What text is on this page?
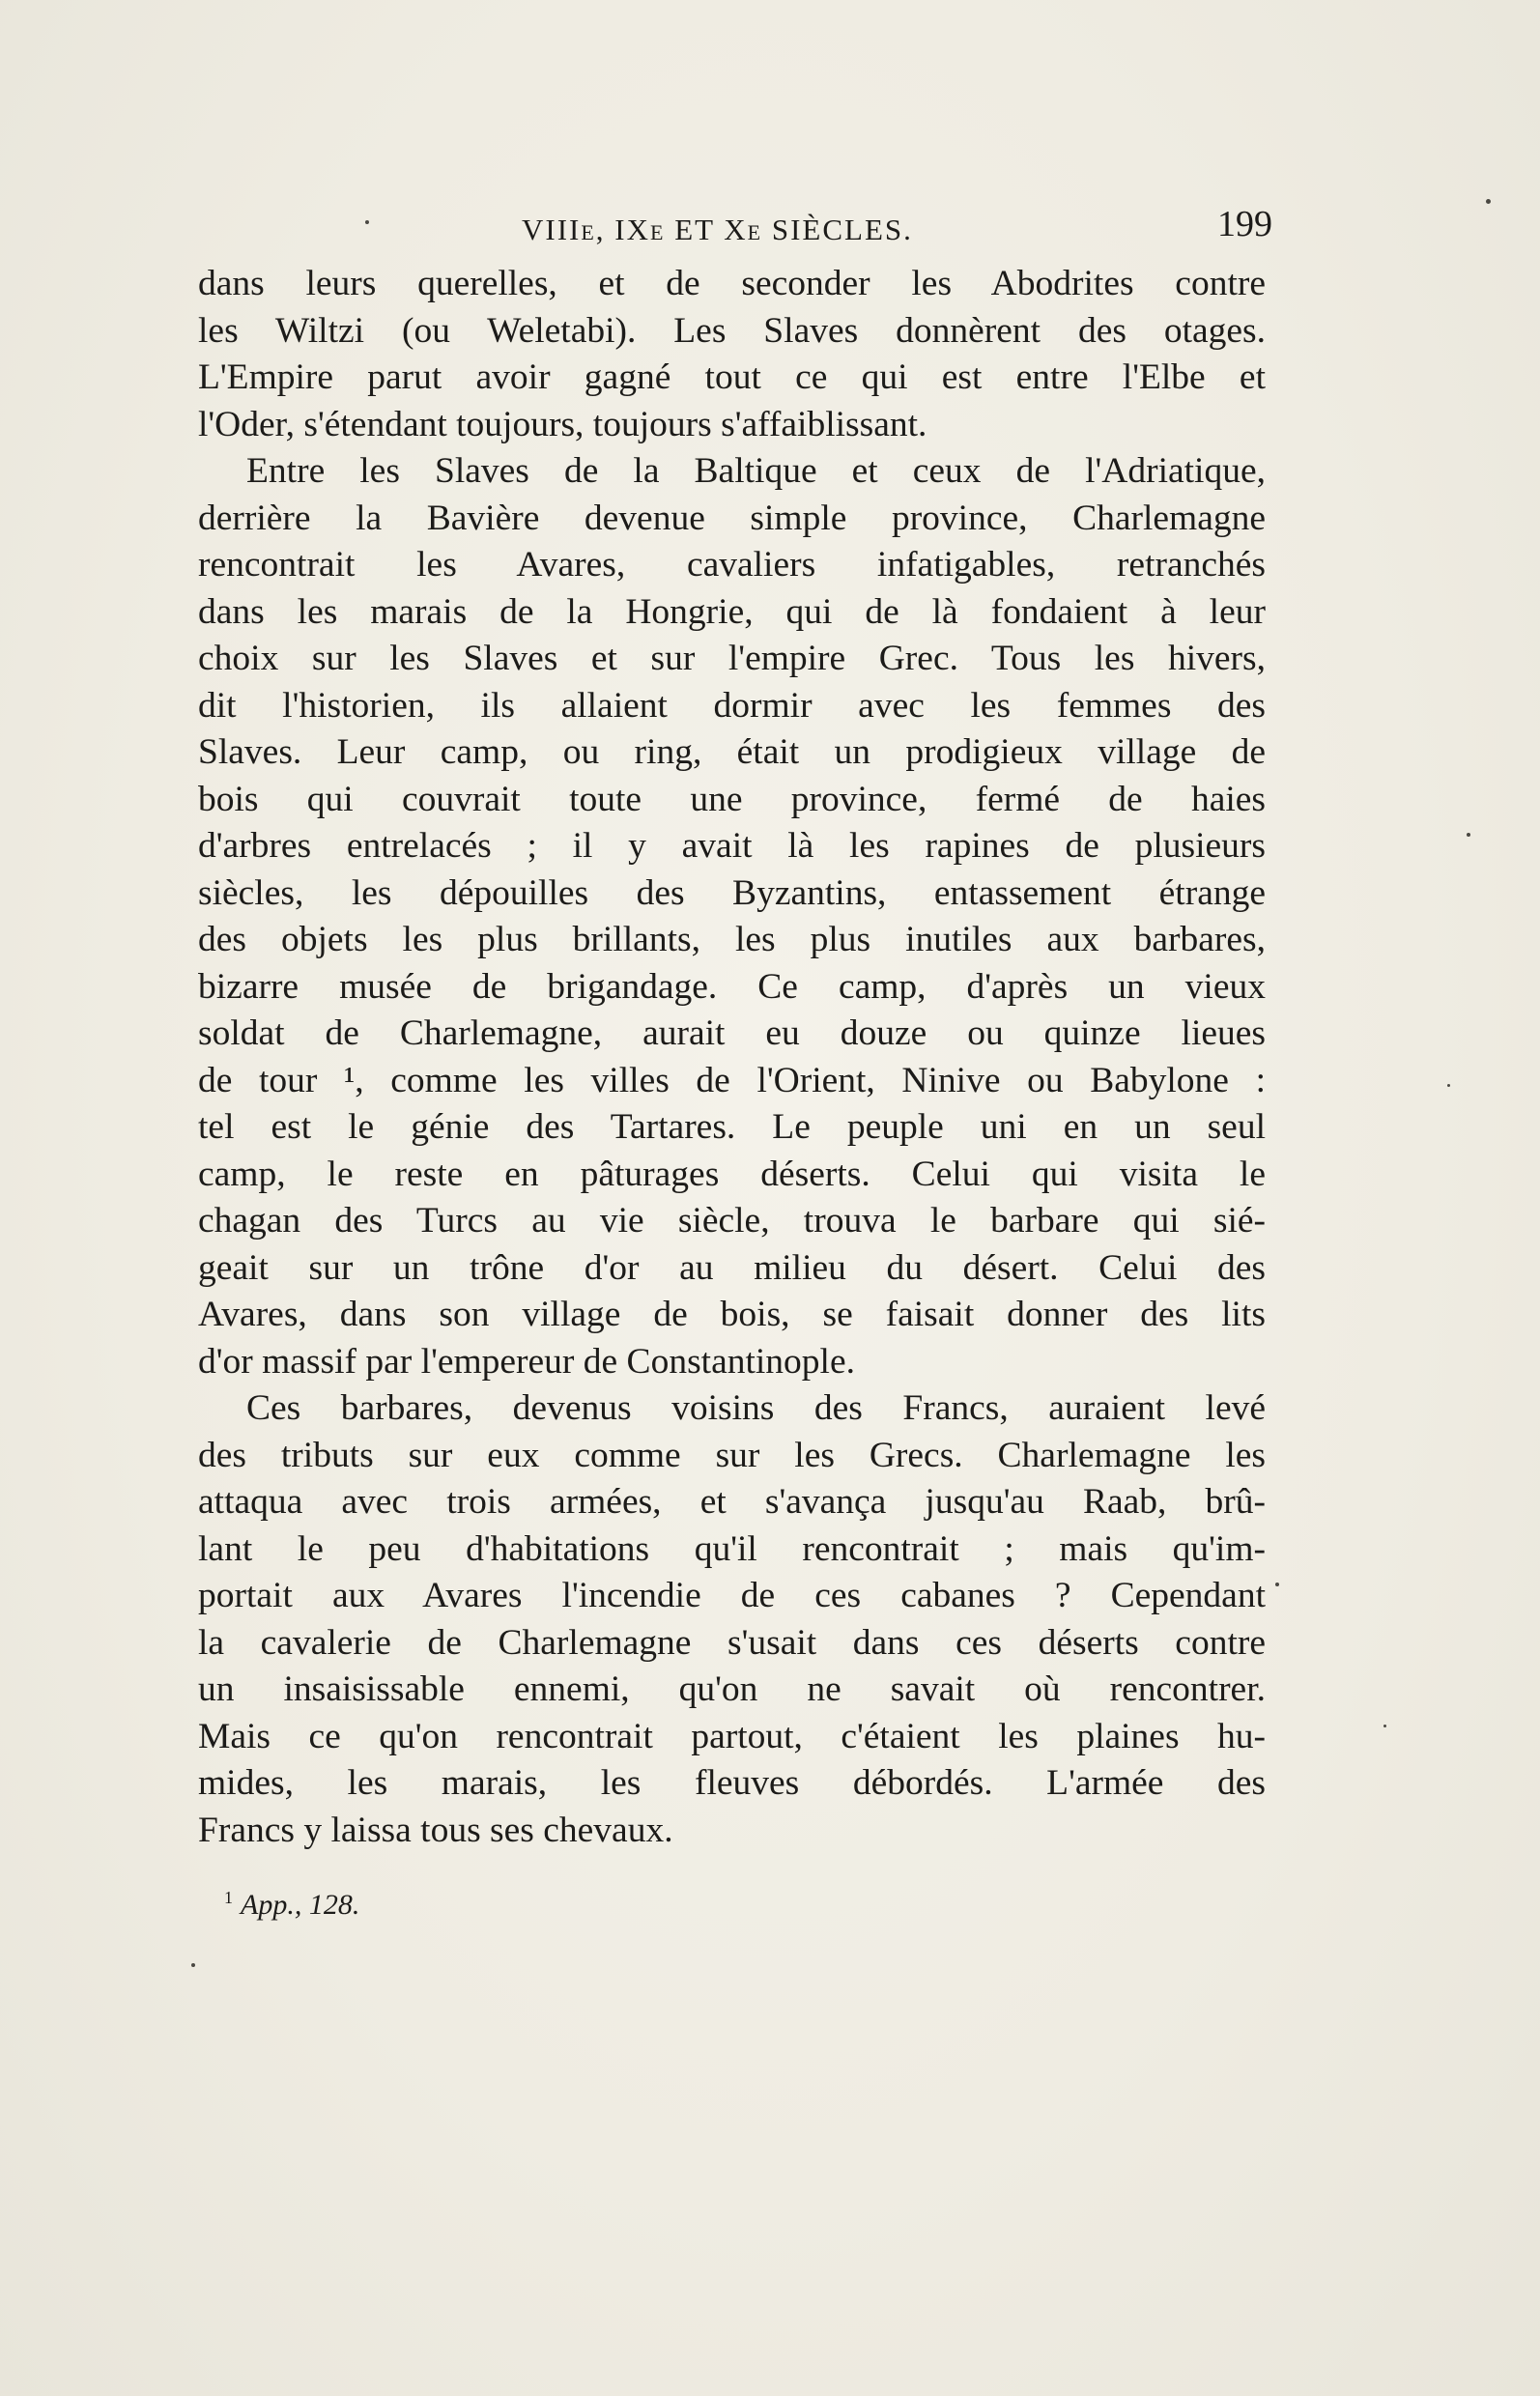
VIIIe, IXe ET Xe SIÈCLES.	199
dans leurs querelles, et de seconder les Abodrites contre
les Wiltzi (ou Weletabi). Les Slaves donnèrent des otages.
L'Empire parut avoir gagné tout ce qui est entre l'Elbe et
l'Oder, s'étendant toujours, toujours s'affaiblissant.
Entre les Slaves de la Baltique et ceux de l'Adriatique,
derrière la Bavière devenue simple province, Charlemagne
rencontrait les Avares, cavaliers infatigables, retranchés
dans les marais de la Hongrie, qui de là fondaient à leur
choix sur les Slaves et sur l'empire Grec. Tous les hivers,
dit l'historien, ils allaient dormir avec les femmes des
Slaves. Leur camp, ou ring, était un prodigieux village de
bois qui couvrait toute une province, fermé de haies
d'arbres entrelacés ; il y avait là les rapines de plusieurs
siècles, les dépouilles des Byzantins, entassement étrange
des objets les plus brillants, les plus inutiles aux barbares,
bizarre musée de brigandage. Ce camp, d'après un vieux
soldat de Charlemagne, aurait eu douze ou quinze lieues
de tour ¹, comme les villes de l'Orient, Ninive ou Babylone :
tel est le génie des Tartares. Le peuple uni en un seul
camp, le reste en pâturages déserts. Celui qui visita le
chagan des Turcs au vie siècle, trouva le barbare qui sié-
geait sur un trône d'or au milieu du désert. Celui des
Avares, dans son village de bois, se faisait donner des lits
d'or massif par l'empereur de Constantinople.
Ces barbares, devenus voisins des Francs, auraient levé
des tributs sur eux comme sur les Grecs. Charlemagne les
attaqua avec trois armées, et s'avança jusqu'au Raab, brû-
lant le peu d'habitations qu'il rencontrait ; mais qu'im-
portait aux Avares l'incendie de ces cabanes ? Cependant
la cavalerie de Charlemagne s'usait dans ces déserts contre
un insaisissable ennemi, qu'on ne savait où rencontrer.
Mais ce qu'on rencontrait partout, c'étaient les plaines hu-
mides, les marais, les fleuves débordés. L'armée des
Francs y laissa tous ses chevaux.
$^1$ App., 128.
